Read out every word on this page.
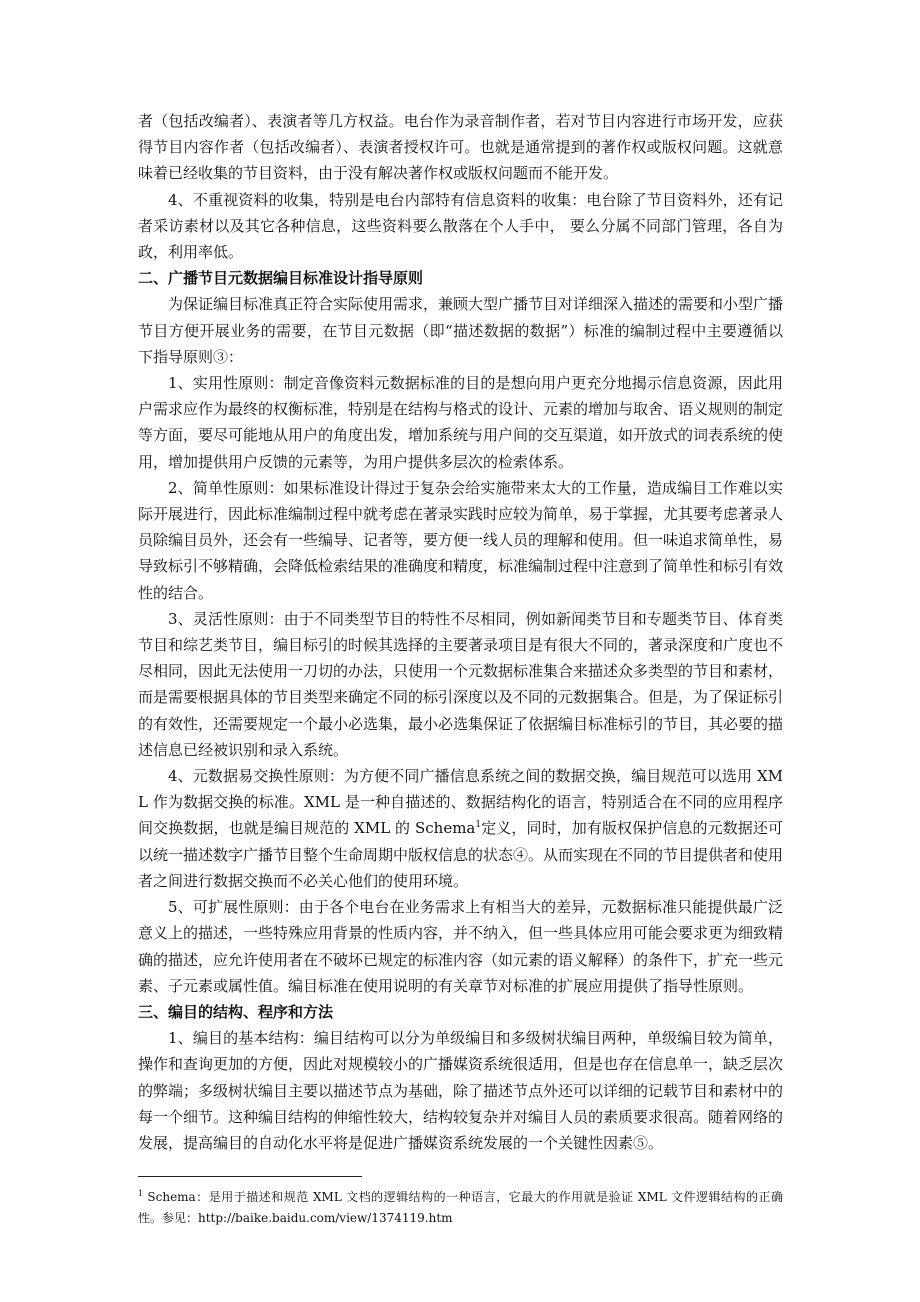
者（包括改编者）、表演者等几方权益。电台作为录音制作者，若对节目内容进行市场开发，应获得节目内容作者（包括改编者）、表演者授权许可。也就是通常提到的著作权或版权问题。这就意味着已经收集的节目资料，由于没有解决著作权或版权问题而不能开发。

4、不重视资料的收集，特别是电台内部特有信息资料的收集：电台除了节目资料外，还有记者采访素材以及其它各种信息，这些资料要么散落在个人手中， 要么分属不同部门管理，各自为政，利用率低。

二、广播节目元数据编目标准设计指导原则

为保证编目标准真正符合实际使用需求，兼顾大型广播节目对详细深入描述的需要和小型广播节目方便开展业务的需要，在节目元数据（即“描述数据的数据”）标准的编制过程中主要遵循以下指导原则③：

1、实用性原则：制定音像资料元数据标准的目的是想向用户更充分地揭示信息资源，因此用户需求应作为最终的权衡标准，特别是在结构与格式的设计、元素的增加与取舍、语义规则的制定等方面，要尽可能地从用户的角度出发，增加系统与用户间的交互渠道，如开放式的词表系统的使用，增加提供用户反馈的元素等，为用户提供多层次的检索体系。

2、简单性原则：如果标准设计得过于复杂会给实施带来太大的工作量，造成编目工作难以实际开展进行，因此标准编制过程中就考虑在著录实践时应较为简单，易于掌握，尤其要考虑著录人员除编目员外，还会有一些编导、记者等，要方便一线人员的理解和使用。但一味追求简单性，易导致标引不够精确，会降低检索结果的准确度和精度，标准编制过程中注意到了简单性和标引有效性的结合。

3、灵活性原则：由于不同类型节目的特性不尽相同，例如新闻类节目和专题类节目、体育类节目和综艺类节目，编目标引的时候其选择的主要著录项目是有很大不同的，著录深度和广度也不尽相同，因此无法使用一刀切的办法，只使用一个元数据标准集合来描述众多类型的节目和素材，而是需要根据具体的节目类型来确定不同的标引深度以及不同的元数据集合。但是，为了保证标引的有效性，还需要规定一个最小必选集，最小必选集保证了依据编目标准标引的节目，其必要的描述信息已经被识别和录入系统。

4、元数据易交换性原则：为方便不同广播信息系统之间的数据交换，编目规范可以选用 XML 作为数据交换的标准。XML 是一种自描述的、数据结构化的语言，特别适合在不同的应用程序间交换数据，也就是编目规范的 XML 的 Schema$^1$定义，同时，加有版权保护信息的元数据还可以统一描述数字广播节目整个生命周期中版权信息的状态④。从而实现在不同的节目提供者和使用者之间进行数据交换而不必关心他们的使用环境。

5、可扩展性原则：由于各个电台在业务需求上有相当大的差异，元数据标准只能提供最广泛意义上的描述，一些特殊应用背景的性质内容，并不纳入，但一些具体应用可能会要求更为细致精确的描述，应允许使用者在不破坏已规定的标准内容（如元素的语义解释）的条件下，扩充一些元素、子元素或属性值。编目标准在使用说明的有关章节对标准的扩展应用提供了指导性原则。

三、编目的结构、程序和方法

1、编目的基本结构：编目结构可以分为单级编目和多级树状编目两种，单级编目较为简单，操作和查询更加的方便，因此对规模较小的广播媒资系统很适用，但是也存在信息单一，缺乏层次的弊端；多级树状编目主要以描述节点为基础，除了描述节点外还可以详细的记载节目和素材中的每一个细节。这种编目结构的伸缩性较大，结构较复杂并对编目人员的素质要求很高。随着网络的发展，提高编目的自动化水平将是促进广播媒资系统发展的一个关键性因素⑤。

$^1$ Schema：是用于描述和规范 XML 文档的逻辑结构的一种语言，它最大的作用就是验证 XML 文件逻辑结构的正确性。参见：http://baike.baidu.com/view/1374119.htm
